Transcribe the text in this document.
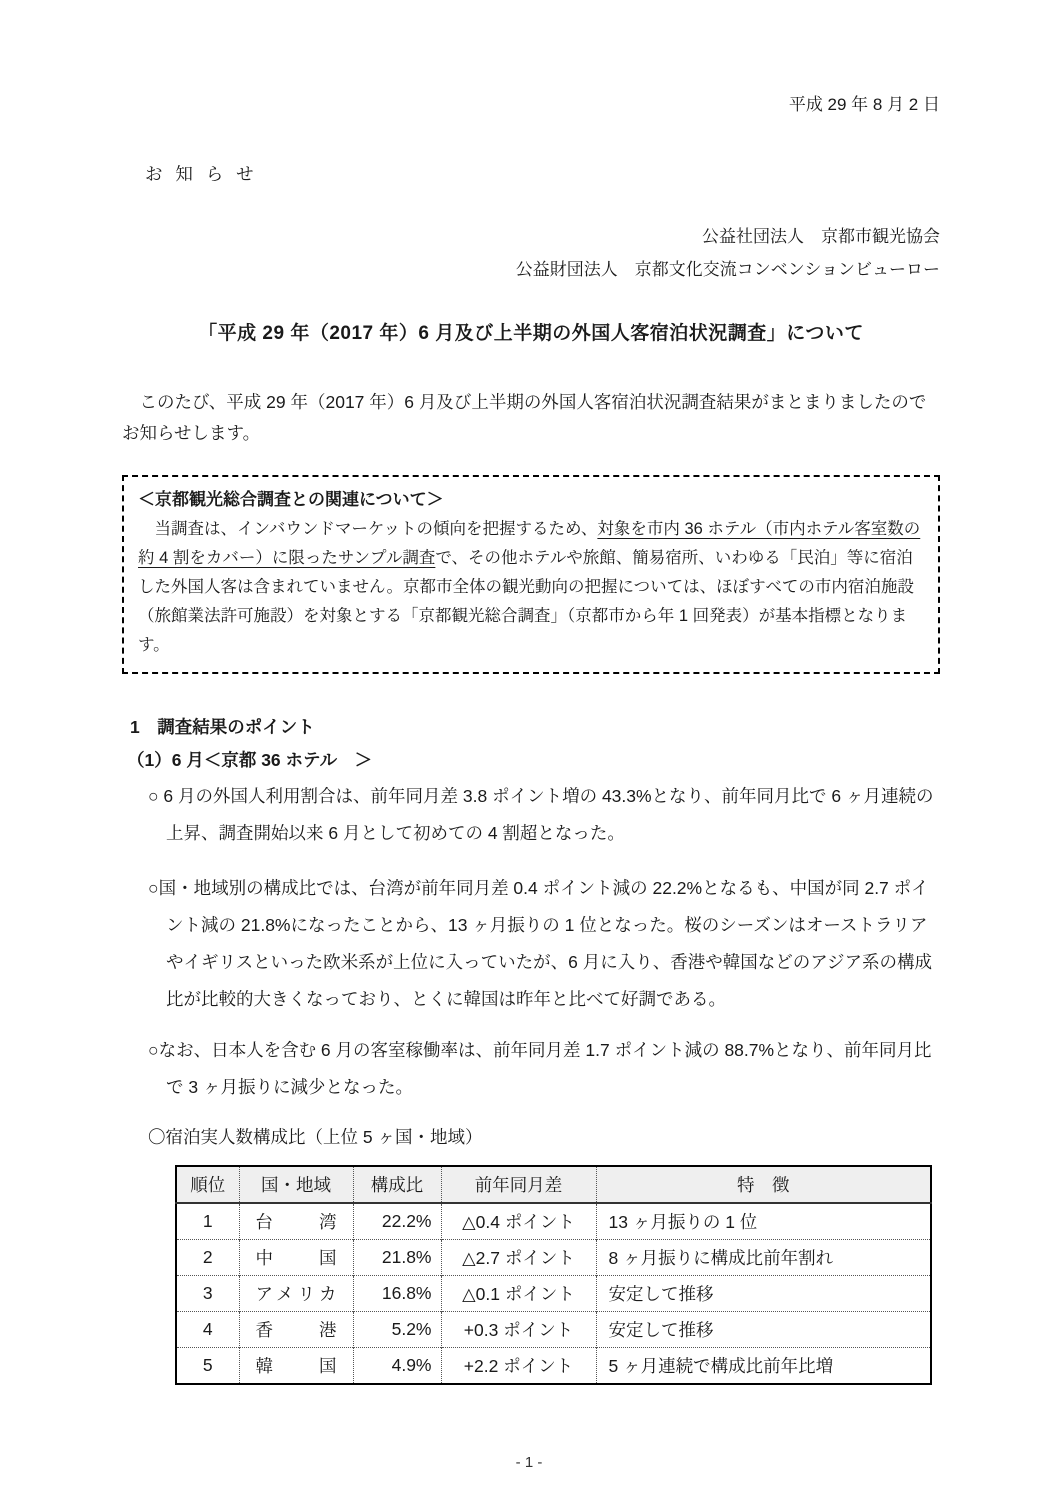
平成 29 年 8 月 2 日
お 知 ら せ
公益社団法人　京都市観光協会
公益財団法人　京都文化交流コンベンションビューロー
「平成 29 年（2017 年）6 月及び上半期の外国人客宿泊状況調査」について

このたび、平成 29 年（2017 年）6 月及び上半期の外国人客宿泊状況調査結果がまとまりましたのでお知らせします。

＜京都観光総合調査との関連について＞
当調査は、インバウンドマーケットの傾向を把握するため、対象を市内 36 ホテル（市内ホテル客室数の約 4 割をカバー）に限ったサンプル調査で、その他ホテルや旅館、簡易宿所、いわゆる「民泊」等に宿泊した外国人客は含まれていません。京都市全体の観光動向の把握については、ほぼすべての市内宿泊施設（旅館業法許可施設）を対象とする「京都観光総合調査」（京都市から年 1 回発表）が基本指標となります。
1　調査結果のポイント
（1）6 月＜京都 36 ホテル　＞
○ 6 月の外国人利用割合は、前年同月差 3.8 ポイント増の 43.3%となり、前年同月比で 6 ヶ月連続の上昇、調査開始以来 6 月として初めての 4 割超となった。
○国・地域別の構成比では、台湾が前年同月差 0.4 ポイント減の 22.2%となるも、中国が同 2.7 ポイント減の 21.8%になったことから、13 ヶ月振りの 1 位となった。桜のシーズンはオーストラリアやイギリスといった欧米系が上位に入っていたが、6 月に入り、香港や韓国などのアジア系の構成比が比較的大きくなっており、とくに韓国は昨年と比べて好調である。
○なお、日本人を含む 6 月の客室稼働率は、前年同月差 1.7 ポイント減の 88.7%となり、前年同月比で 3 ヶ月振りに減少となった。
〇宿泊実人数構成比（上位 5 ヶ国・地域）
順位	国・地域	構成比	前年同月差	特　徴
1	台湾	22.2%	△0.4 ポイント	13 ヶ月振りの 1 位
2	中国	21.8%	△2.7 ポイント	8 ヶ月振りに構成比前年割れ
3	アメリカ	16.8%	△0.1 ポイント	安定して推移
4	香港	5.2%	+0.3 ポイント	安定して推移
5	韓国	4.9%	+2.2 ポイント	5 ヶ月連続で構成比前年比増
- 1 -
